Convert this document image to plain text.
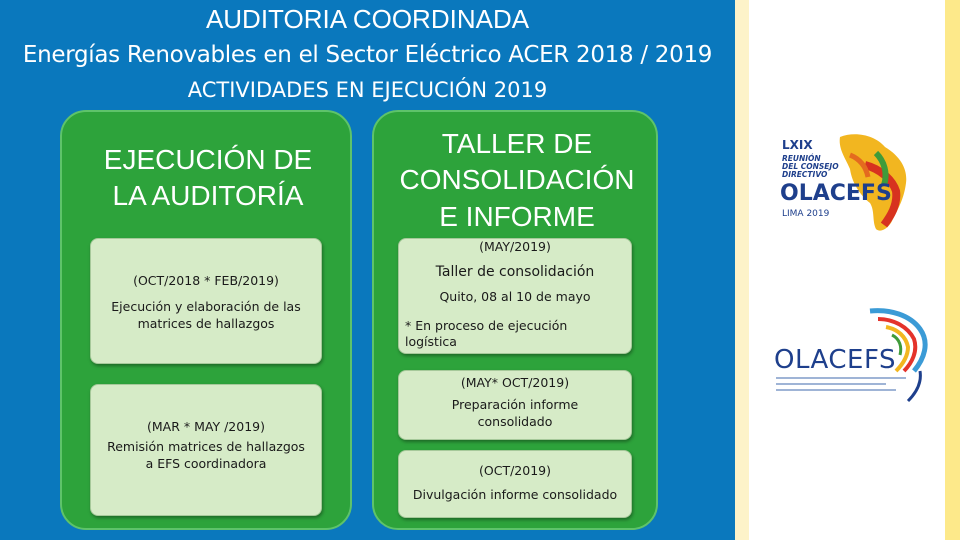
AUDITORIA COORDINADA
Energías Renovables en el Sector Eléctrico ACER 2018 / 2019
ACTIVIDADES EN EJECUCIÓN 2019
EJECUCIÓN DE
LA AUDITORÍA
TALLER DE
CONSOLIDACIÓN
E INFORME
(OCT/2018 * FEB/2019)
Ejecución y elaboración de las
matrices de hallazgos
(MAR * MAY /2019)
Remisión matrices de hallazgos
a EFS coordinadora
(MAY/2019)
Taller de consolidación
Quito, 08 al 10 de mayo
* En proceso de ejecución
logística
(MAY* OCT/2019)
Preparación informe
consolidado
(OCT/2019)
Divulgación informe consolidado
LXIX
REUNIÓN
DEL CONSEJO
DIRECTIVO
OLACEFS
LIMA 2019
OLACEFS
